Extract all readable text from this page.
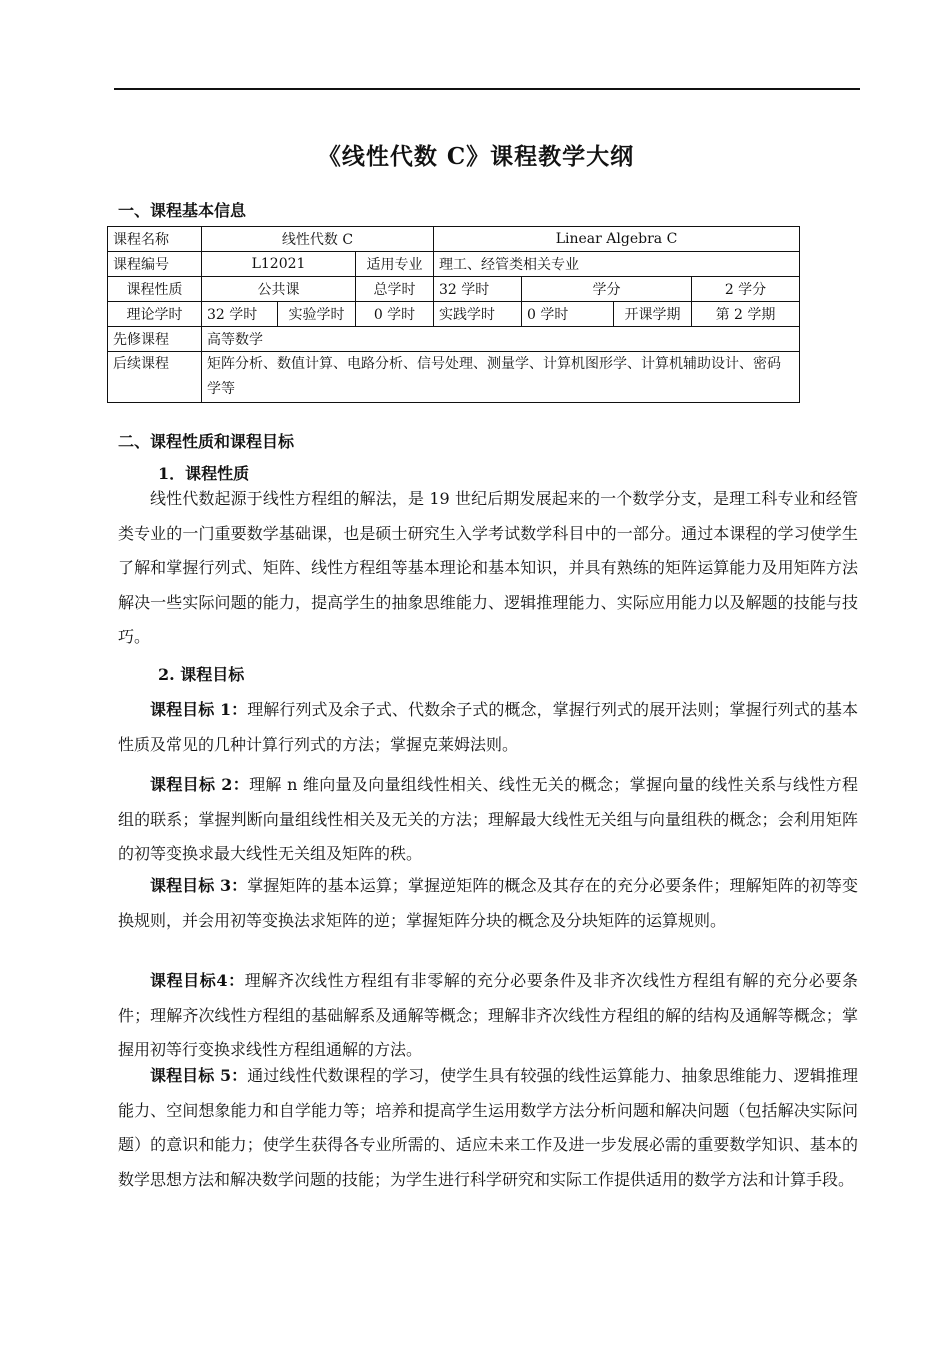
《线性代数 C》课程教学大纲
一、课程基本信息
课程名称	线性代数 C			Linear Algebra C			
课程编号	L12021		适用专业	理工、经管类相关专业			
课程性质	公共课		总学时	32 学时	学分		2 学分
理论学时	32 学时	实验学时	0 学时	实践学时	0 学时	开课学期	第 2 学期
先修课程	高等数学						
后续课程	矩阵分析、数值计算、电路分析、信号处理、测量学、计算机图形学、计算机辅助设计、密码学等						
二、课程性质和课程目标
1．课程性质

线性代数起源于线性方程组的解法，是 19 世纪后期发展起来的一个数学分支，是理工科专业和经管类专业的一门重要数学基础课，也是硕士研究生入学考试数学科目中的一部分。通过本课程的学习使学生了解和掌握行列式、矩阵、线性方程组等基本理论和基本知识，并具有熟练的矩阵运算能力及用矩阵方法解决一些实际问题的能力，提高学生的抽象思维能力、逻辑推理能力、实际应用能力以及解题的技能与技巧。

2. 课程目标

课程目标 1：理解行列式及余子式、代数余子式的概念，掌握行列式的展开法则；掌握行列式的基本性质及常见的几种计算行列式的方法；掌握克莱姆法则。

课程目标 2：理解 n 维向量及向量组线性相关、线性无关的概念；掌握向量的线性关系与线性方程组的联系；掌握判断向量组线性相关及无关的方法；理解最大线性无关组与向量组秩的概念；会利用矩阵的初等变换求最大线性无关组及矩阵的秩。

课程目标 3：掌握矩阵的基本运算；掌握逆矩阵的概念及其存在的充分必要条件；理解矩阵的初等变换规则，并会用初等变换法求矩阵的逆；掌握矩阵分块的概念及分块矩阵的运算规则。

课程目标4：理解齐次线性方程组有非零解的充分必要条件及非齐次线性方程组有解的充分必要条件；理解齐次线性方程组的基础解系及通解等概念；理解非齐次线性方程组的解的结构及通解等概念；掌握用初等行变换求线性方程组通解的方法。

课程目标 5：通过线性代数课程的学习，使学生具有较强的线性运算能力、抽象思维能力、逻辑推理能力、空间想象能力和自学能力等；培养和提高学生运用数学方法分析问题和解决问题（包括解决实际问题）的意识和能力；使学生获得各专业所需的、适应未来工作及进一步发展必需的重要数学知识、基本的数学思想方法和解决数学问题的技能；为学生进行科学研究和实际工作提供适用的数学方法和计算手段。
